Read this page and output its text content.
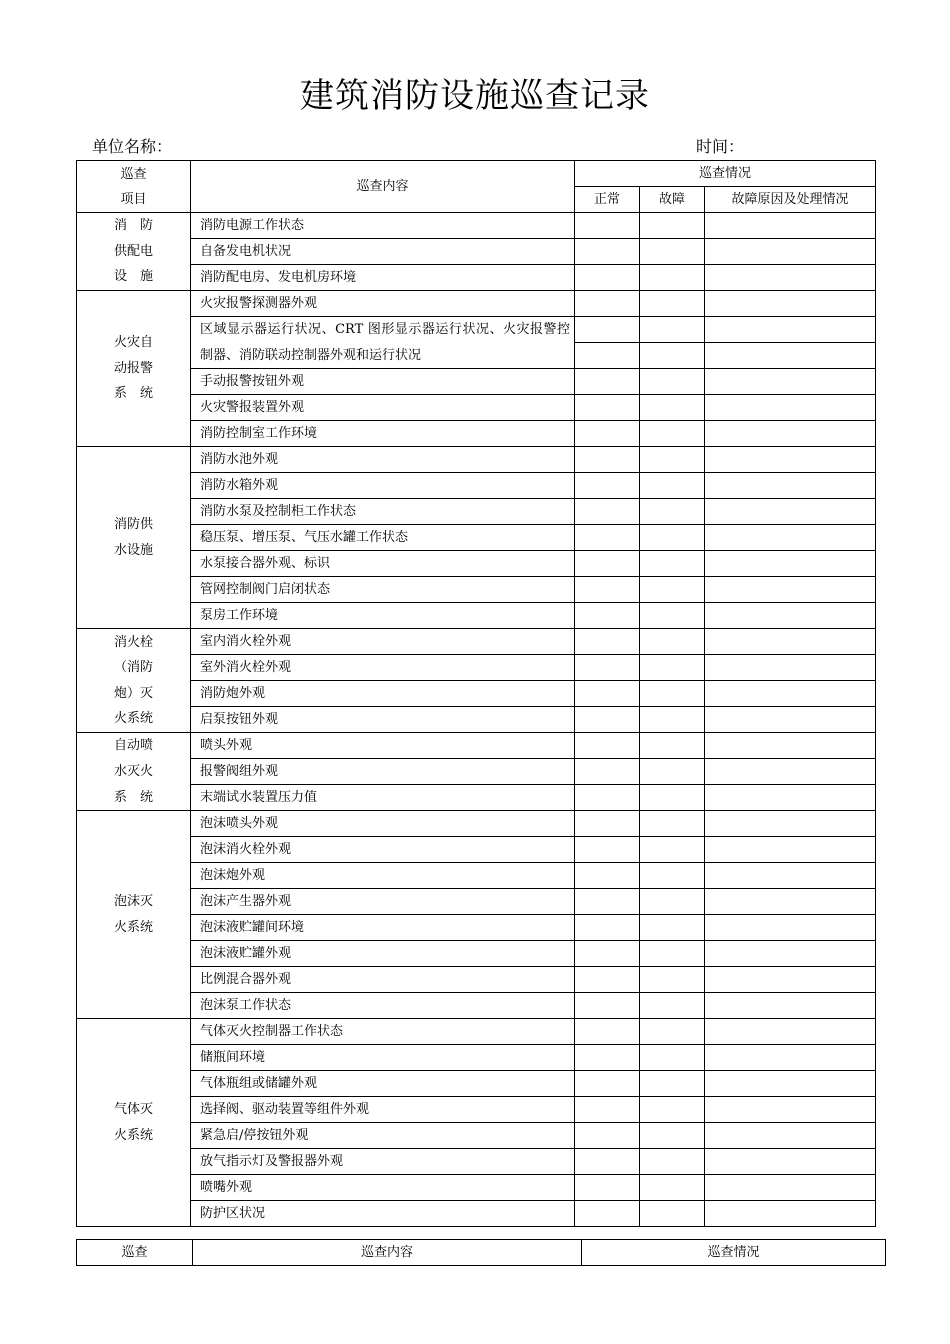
建筑消防设施巡查记录
单位名称：	时间：
巡查
项目	巡查内容	巡查情况		
		正常	故障	故障原因及处理情况

消　防
供配电
设　施	消防电源工作状态			
	自备发电机状况			
	消防配电房、发电机房环境			

火灾自
动报警
系　统	火灾报警探测器外观			
	区域显示器运行状况、CRT 图形显示器运行状况、火灾报警控制器、消防联动控制器外观和运行状况			

	手动报警按钮外观			
	火灾警报装置外观			
	消防控制室工作环境			

消防供
水设施	消防水池外观			
	消防水箱外观			
	消防水泵及控制柜工作状态			
	稳压泵、增压泵、气压水罐工作状态			
	水泵接合器外观、标识			
	管网控制阀门启闭状态			
	泵房工作环境			

消火栓
（消防
炮）灭
火系统	室内消火栓外观			
	室外消火栓外观			
	消防炮外观			
	启泵按钮外观			

自动喷
水灭火
系　统	喷头外观			
	报警阀组外观			
	末端试水装置压力值			

泡沫灭
火系统	泡沫喷头外观			
	泡沫消火栓外观			
	泡沫炮外观			
	泡沫产生器外观			
	泡沫液贮罐间环境			
	泡沫液贮罐外观			
	比例混合器外观			
	泡沫泵工作状态			

气体灭
火系统	气体灭火控制器工作状态			
	储瓶间环境			
	气体瓶组或储罐外观			
	选择阀、驱动装置等组件外观			
	紧急启/停按钮外观			
	放气指示灯及警报器外观			
	喷嘴外观			
	防护区状况			
巡查	巡查内容	巡查情况
